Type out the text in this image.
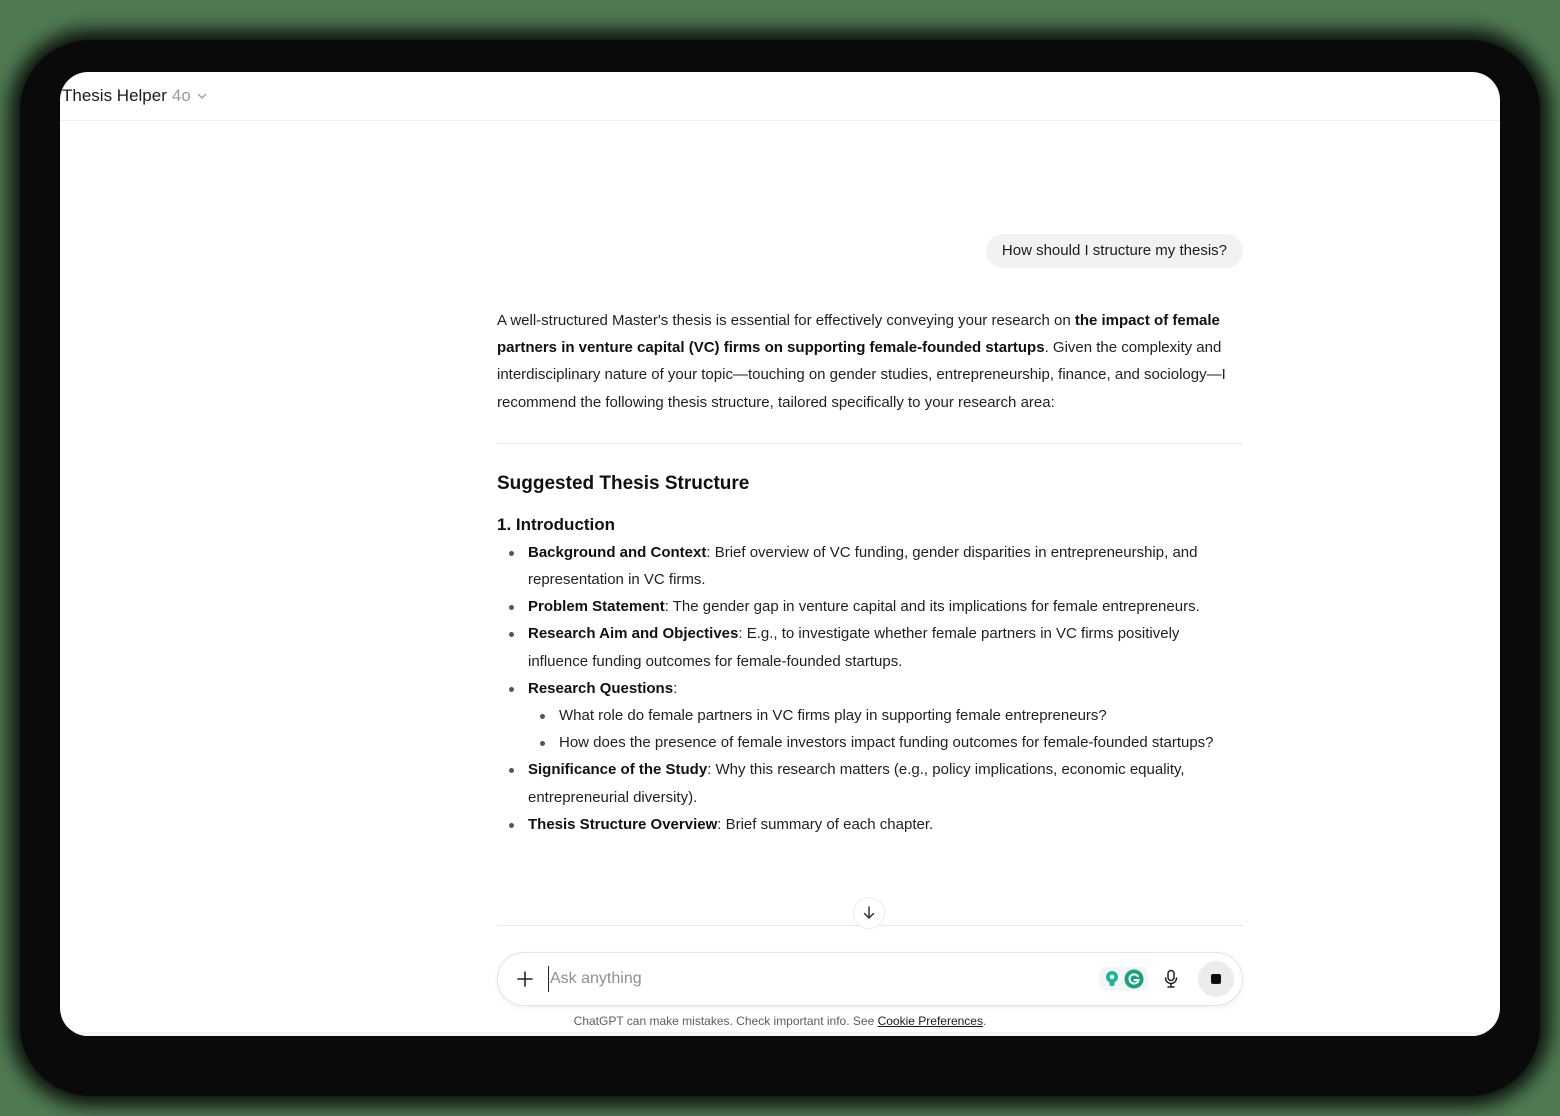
Thesis Helper 4o
How should I structure my thesis?

A well-structured Master's thesis is essential for effectively conveying your research on the impact of female partners in venture capital (VC) firms on supporting female-founded startups. Given the complexity and interdisciplinary nature of your topic—touching on gender studies, entrepreneurship, finance, and sociology—I recommend the following thesis structure, tailored specifically to your research area:

Suggested Thesis Structure
1. Introduction
Background and Context: Brief overview of VC funding, gender disparities in entrepreneurship, and representation in VC firms.
Problem Statement: The gender gap in venture capital and its implications for female entrepreneurs.
Research Aim and Objectives: E.g., to investigate whether female partners in VC firms positively influence funding outcomes for female-founded startups.
Research Questions:
What role do female partners in VC firms play in supporting female entrepreneurs?
How does the presence of female investors impact funding outcomes for female-founded startups?
Significance of the Study: Why this research matters (e.g., policy implications, economic equality, entrepreneurial diversity).
Thesis Structure Overview: Brief summary of each chapter.
Ask anything
ChatGPT can make mistakes. Check important info. See Cookie Preferences.
